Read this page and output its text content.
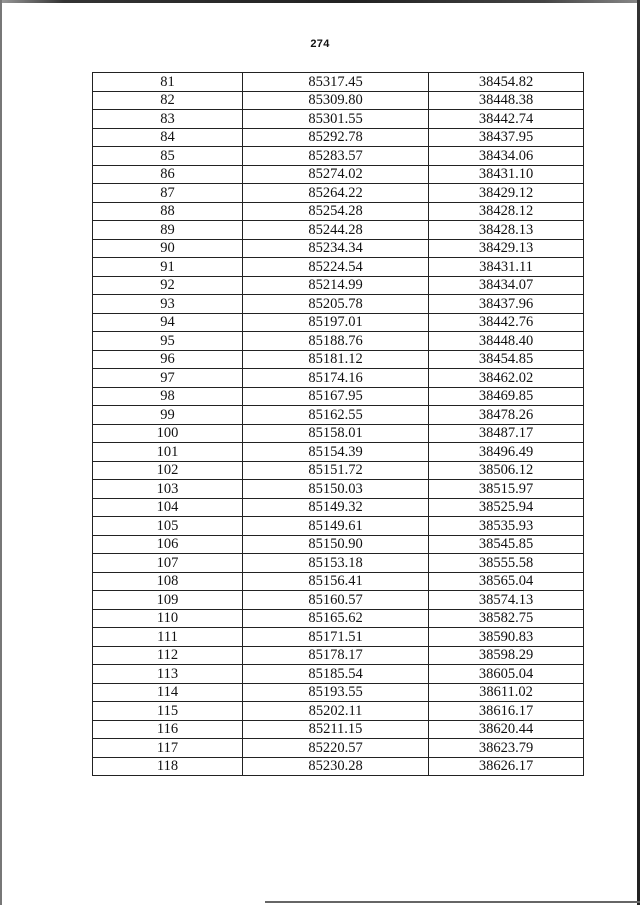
274
81	85317.45	38454.82
82	85309.80	38448.38
83	85301.55	38442.74
84	85292.78	38437.95
85	85283.57	38434.06
86	85274.02	38431.10
87	85264.22	38429.12
88	85254.28	38428.12
89	85244.28	38428.13
90	85234.34	38429.13
91	85224.54	38431.11
92	85214.99	38434.07
93	85205.78	38437.96
94	85197.01	38442.76
95	85188.76	38448.40
96	85181.12	38454.85
97	85174.16	38462.02
98	85167.95	38469.85
99	85162.55	38478.26
100	85158.01	38487.17
101	85154.39	38496.49
102	85151.72	38506.12
103	85150.03	38515.97
104	85149.32	38525.94
105	85149.61	38535.93
106	85150.90	38545.85
107	85153.18	38555.58
108	85156.41	38565.04
109	85160.57	38574.13
110	85165.62	38582.75
111	85171.51	38590.83
112	85178.17	38598.29
113	85185.54	38605.04
114	85193.55	38611.02
115	85202.11	38616.17
116	85211.15	38620.44
117	85220.57	38623.79
118	85230.28	38626.17
